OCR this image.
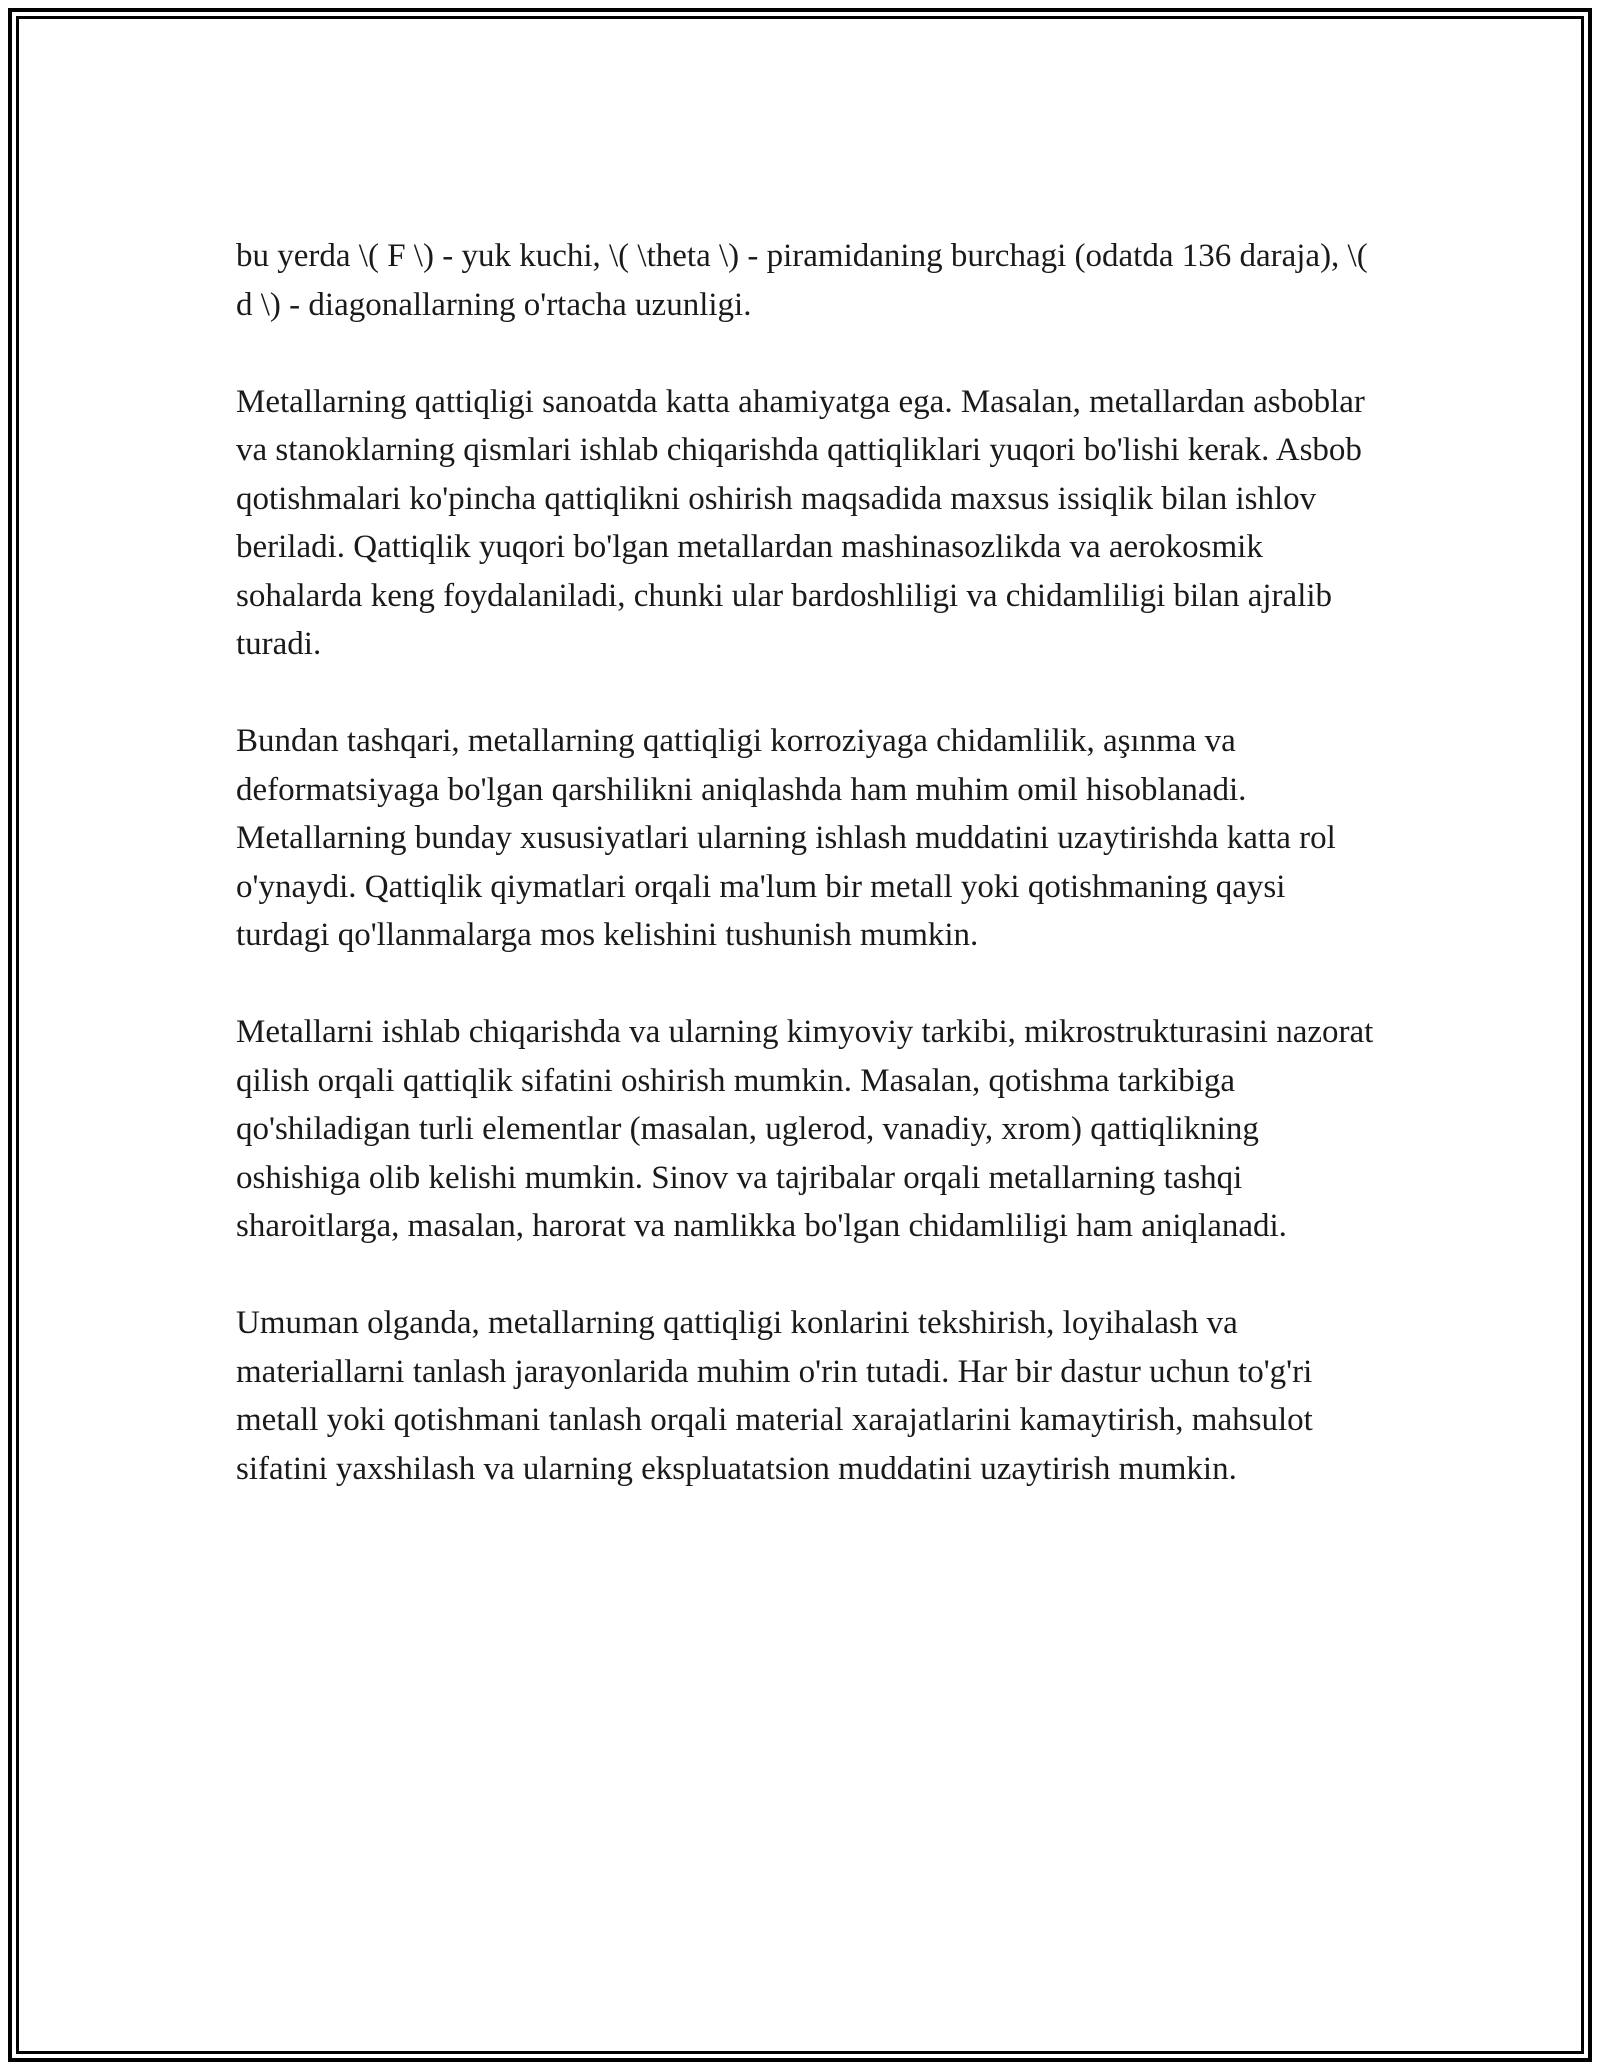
bu yerda \( F \) - yuk kuchi, \( \theta \) - piramidaning burchagi (odatda 136 daraja), \( d \) - diagonallarning o'rtacha uzunligi.

Metallarning qattiqligi sanoatda katta ahamiyatga ega. Masalan, metallardan asboblar va stanoklarning qismlari ishlab chiqarishda qattiqliklari yuqori bo'lishi kerak. Asbob qotishmalari ko'pincha qattiqlikni oshirish maqsadida maxsus issiqlik bilan ishlov beriladi. Qattiqlik yuqori bo'lgan metallardan mashinasozlikda va aerokosmik sohalarda keng foydalaniladi, chunki ular bardoshliligi va chidamliligi bilan ajralib turadi.

Bundan tashqari, metallarning qattiqligi korroziyaga chidamlilik, aşınma va deformatsiyaga bo'lgan qarshilikni aniqlashda ham muhim omil hisoblanadi. Metallarning bunday xususiyatlari ularning ishlash muddatini uzaytirishda katta rol o'ynaydi. Qattiqlik qiymatlari orqali ma'lum bir metall yoki qotishmaning qaysi turdagi qo'llanmalarga mos kelishini tushunish mumkin.

Metallarni ishlab chiqarishda va ularning kimyoviy tarkibi, mikrostrukturasini nazorat qilish orqali qattiqlik sifatini oshirish mumkin. Masalan, qotishma tarkibiga qo'shiladigan turli elementlar (masalan, uglerod, vanadiy, xrom) qattiqlikning oshishiga olib kelishi mumkin. Sinov va tajribalar orqali metallarning tashqi sharoitlarga, masalan, harorat va namlikka bo'lgan chidamliligi ham aniqlanadi.

Umuman olganda, metallarning qattiqligi konlarini tekshirish, loyihalash va materiallarni tanlash jarayonlarida muhim o'rin tutadi. Har bir dastur uchun to'g'ri metall yoki qotishmani tanlash orqali material xarajatlarini kamaytirish, mahsulot sifatini yaxshilash va ularning ekspluatatsion muddatini uzaytirish mumkin.
